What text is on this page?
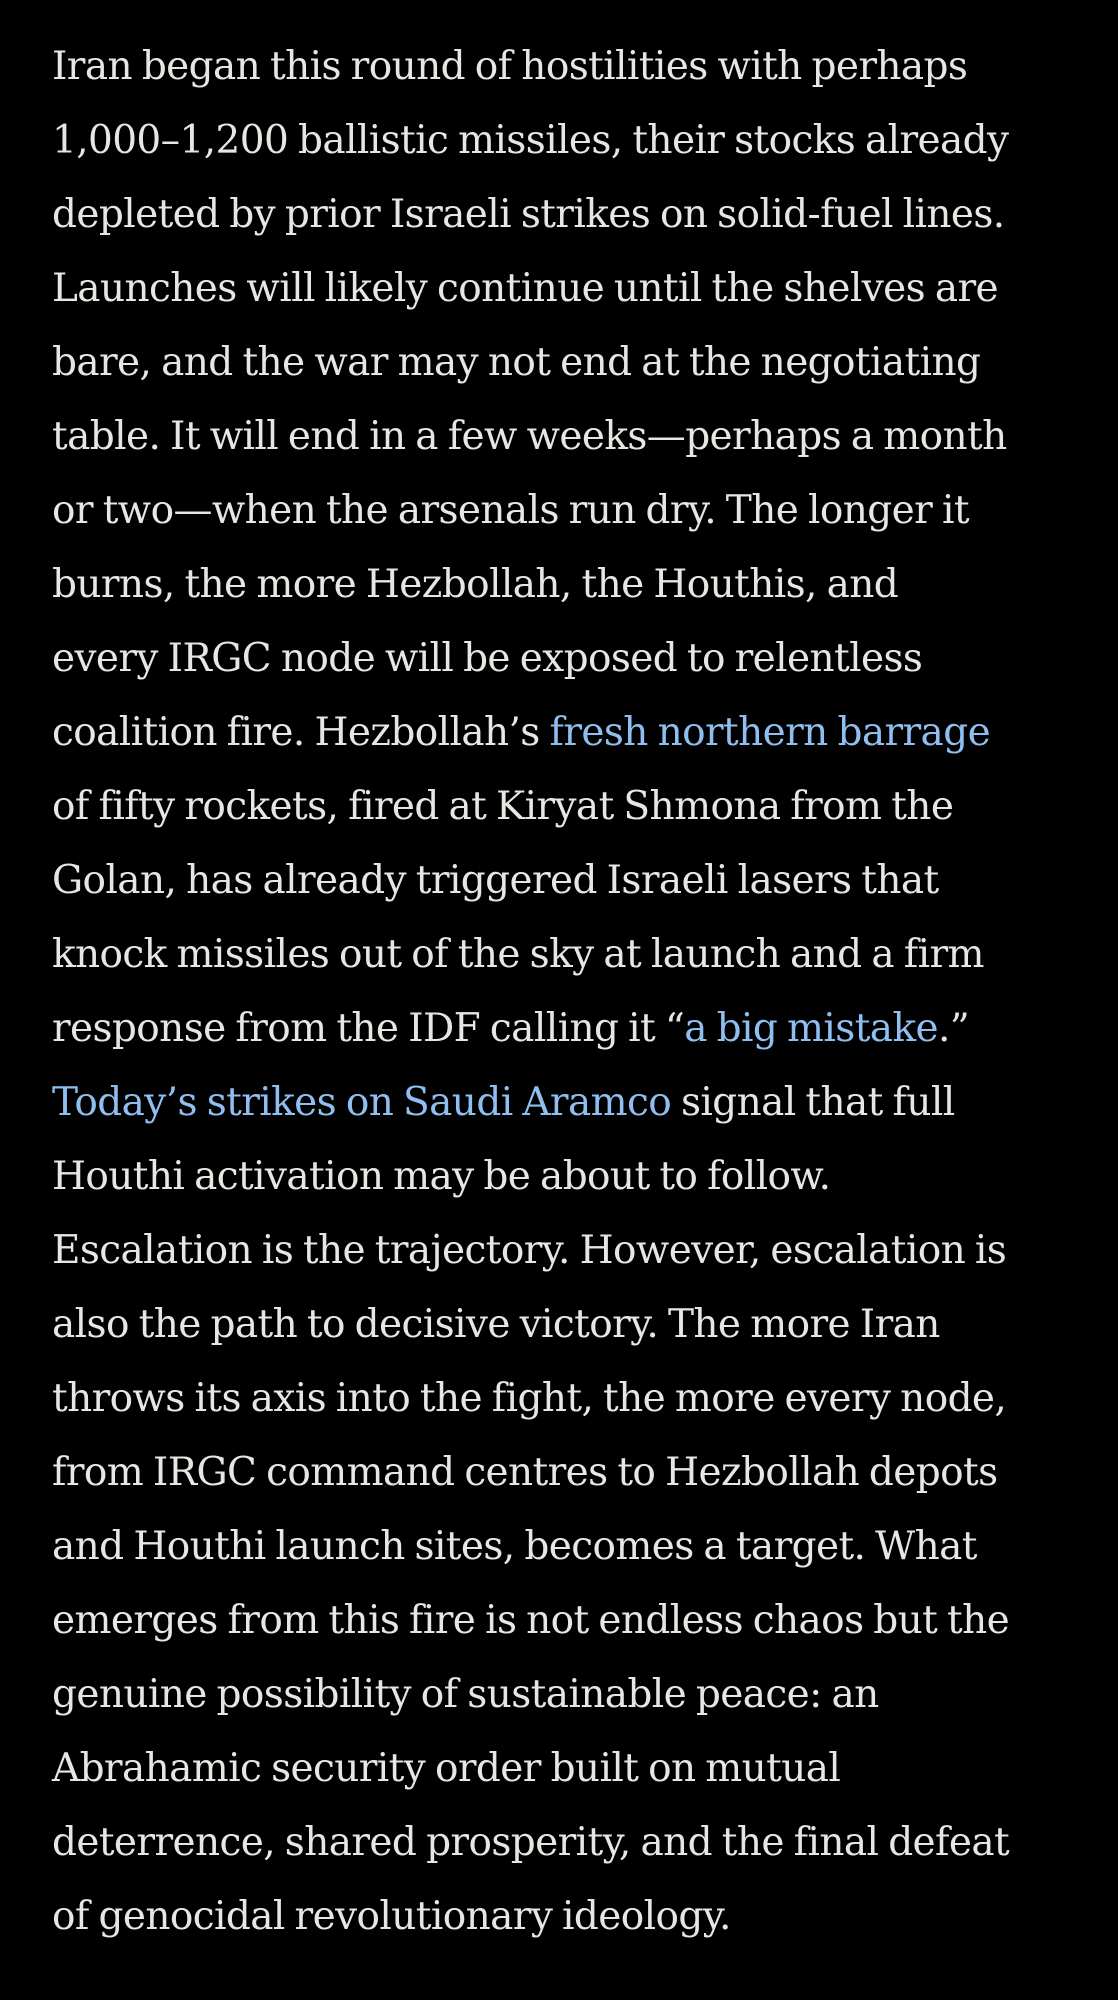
Iran began this round of hostilities with perhaps
1,000–1,200 ballistic missiles, their stocks already
depleted by prior Israeli strikes on solid-fuel lines.
Launches will likely continue until the shelves are
bare, and the war may not end at the negotiating
table. It will end in a few weeks—perhaps a month
or two—when the arsenals run dry. The longer it
burns, the more Hezbollah, the Houthis, and
every IRGC node will be exposed to relentless
coalition fire. Hezbollah’s fresh northern barrage
of fifty rockets, fired at Kiryat Shmona from the
Golan, has already triggered Israeli lasers that
knock missiles out of the sky at launch and a firm
response from the IDF calling it “a big mistake.”
Today’s strikes on Saudi Aramco signal that full
Houthi activation may be about to follow.
Escalation is the trajectory. However, escalation is
also the path to decisive victory. The more Iran
throws its axis into the fight, the more every node,
from IRGC command centres to Hezbollah depots
and Houthi launch sites, becomes a target. What
emerges from this fire is not endless chaos but the
genuine possibility of sustainable peace: an
Abrahamic security order built on mutual
deterrence, shared prosperity, and the final defeat
of genocidal revolutionary ideology.
